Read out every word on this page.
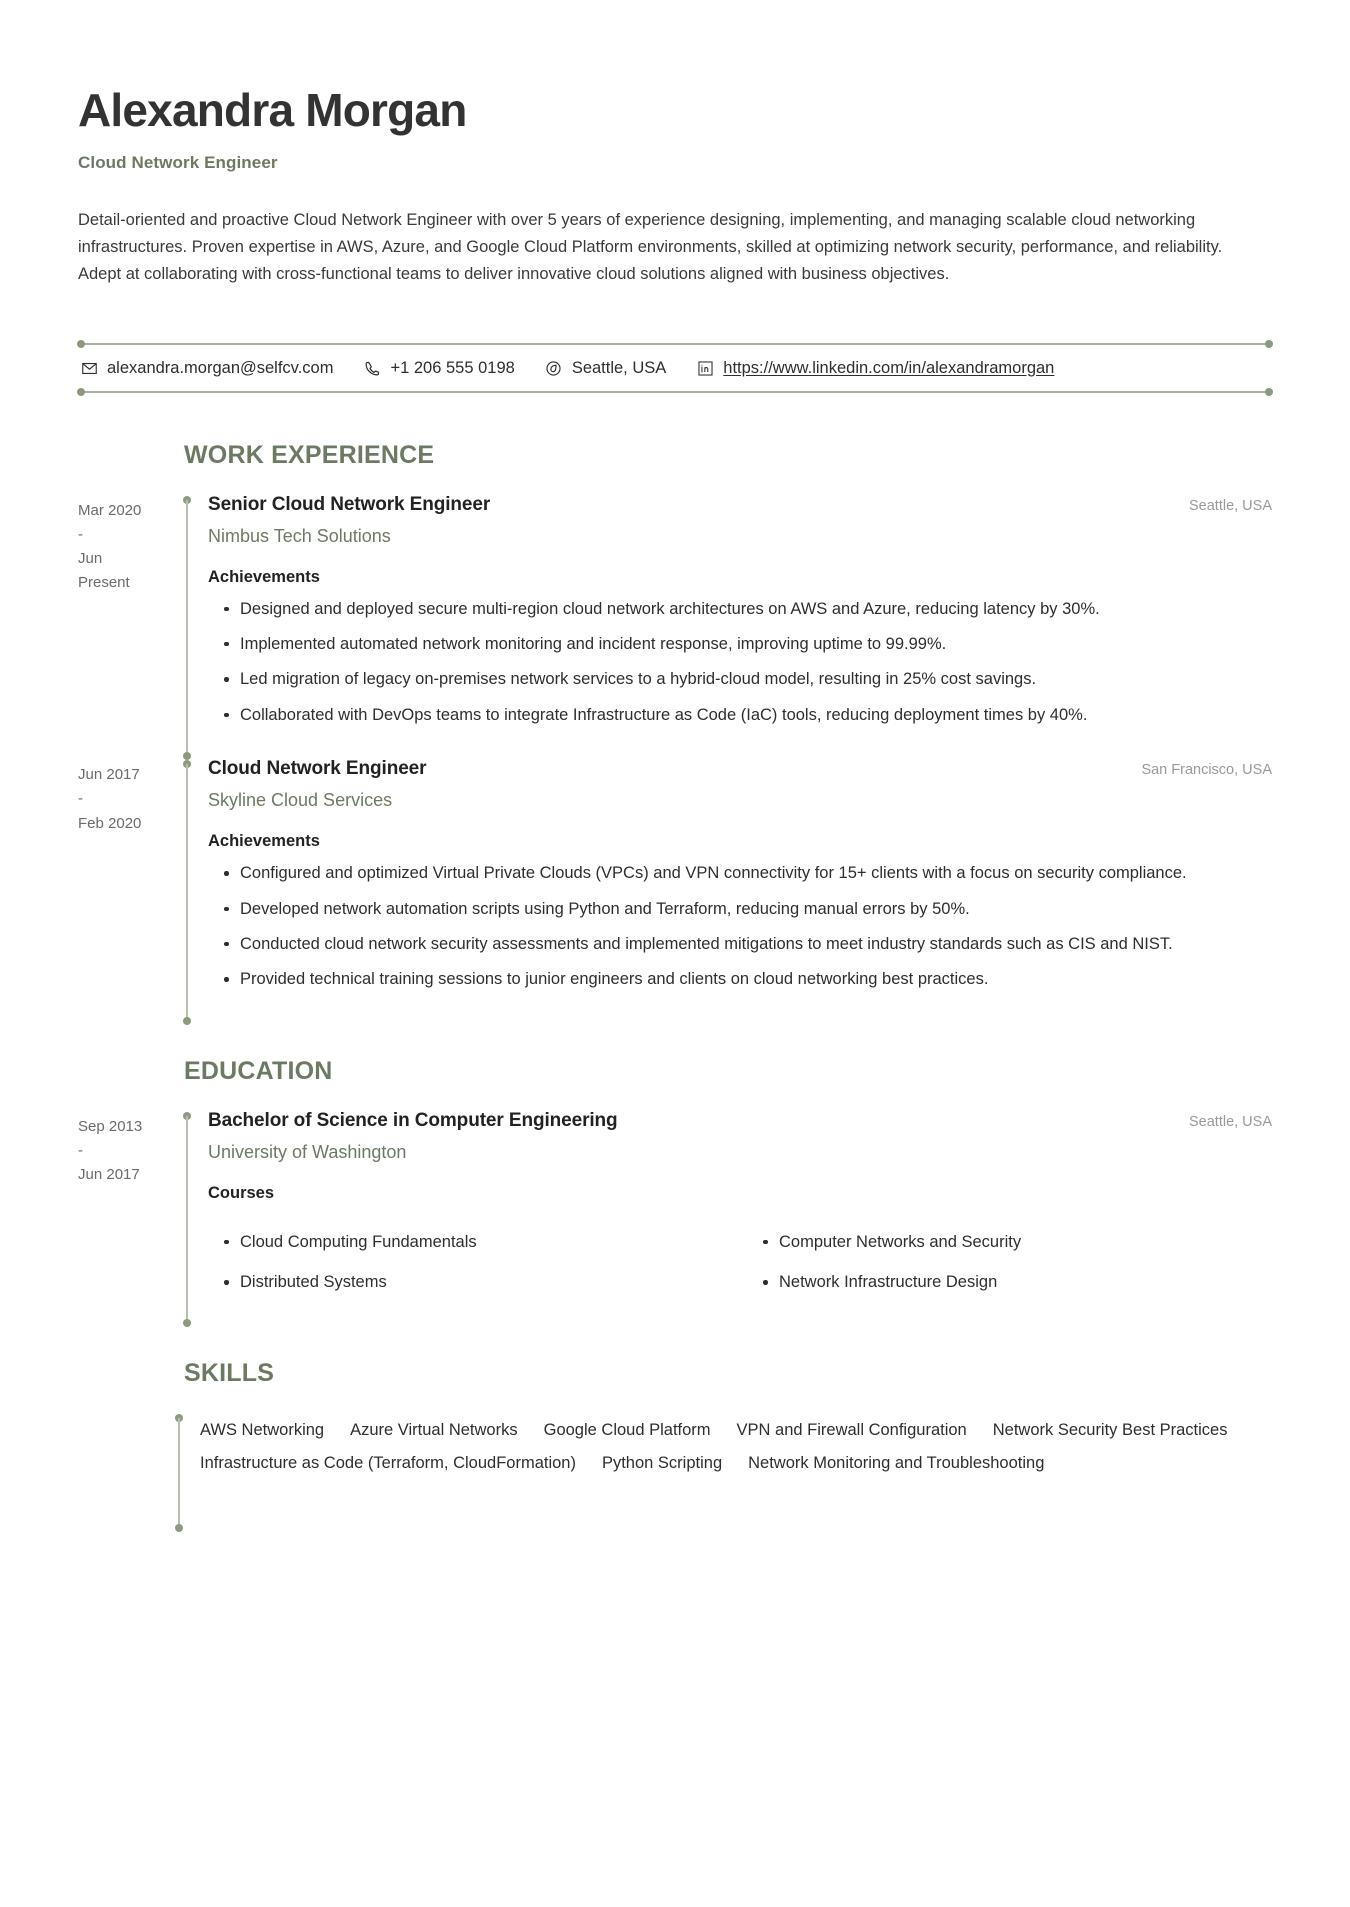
Alexandra Morgan
Cloud Network Engineer
Detail-oriented and proactive Cloud Network Engineer with over 5 years of experience designing, implementing, and managing scalable cloud networking infrastructures. Proven expertise in AWS, Azure, and Google Cloud Platform environments, skilled at optimizing network security, performance, and reliability. Adept at collaborating with cross-functional teams to deliver innovative cloud solutions aligned with business objectives.
alexandra.morgan@selfcv.com	+1 206 555 0198	Seattle, USA	https://www.linkedin.com/in/alexandramorgan
WORK EXPERIENCE
Mar 2020
-
Jun
Present
Senior Cloud Network Engineer	Seattle, USA
Nimbus Tech Solutions
Achievements
Designed and deployed secure multi-region cloud network architectures on AWS and Azure, reducing latency by 30%.
Implemented automated network monitoring and incident response, improving uptime to 99.99%.
Led migration of legacy on-premises network services to a hybrid-cloud model, resulting in 25% cost savings.
Collaborated with DevOps teams to integrate Infrastructure as Code (IaC) tools, reducing deployment times by 40%.
Jun 2017
-
Feb 2020
Cloud Network Engineer	San Francisco, USA
Skyline Cloud Services
Achievements
Configured and optimized Virtual Private Clouds (VPCs) and VPN connectivity for 15+ clients with a focus on security compliance.
Developed network automation scripts using Python and Terraform, reducing manual errors by 50%.
Conducted cloud network security assessments and implemented mitigations to meet industry standards such as CIS and NIST.
Provided technical training sessions to junior engineers and clients on cloud networking best practices.
EDUCATION
Sep 2013
-
Jun 2017
Bachelor of Science in Computer Engineering	Seattle, USA
University of Washington
Courses
Cloud Computing Fundamentals	Computer Networks and Security
Distributed Systems	Network Infrastructure Design
SKILLS
AWS Networking Azure Virtual Networks Google Cloud Platform VPN and Firewall Configuration Network Security Best Practices
Infrastructure as Code (Terraform, CloudFormation) Python Scripting Network Monitoring and Troubleshooting
